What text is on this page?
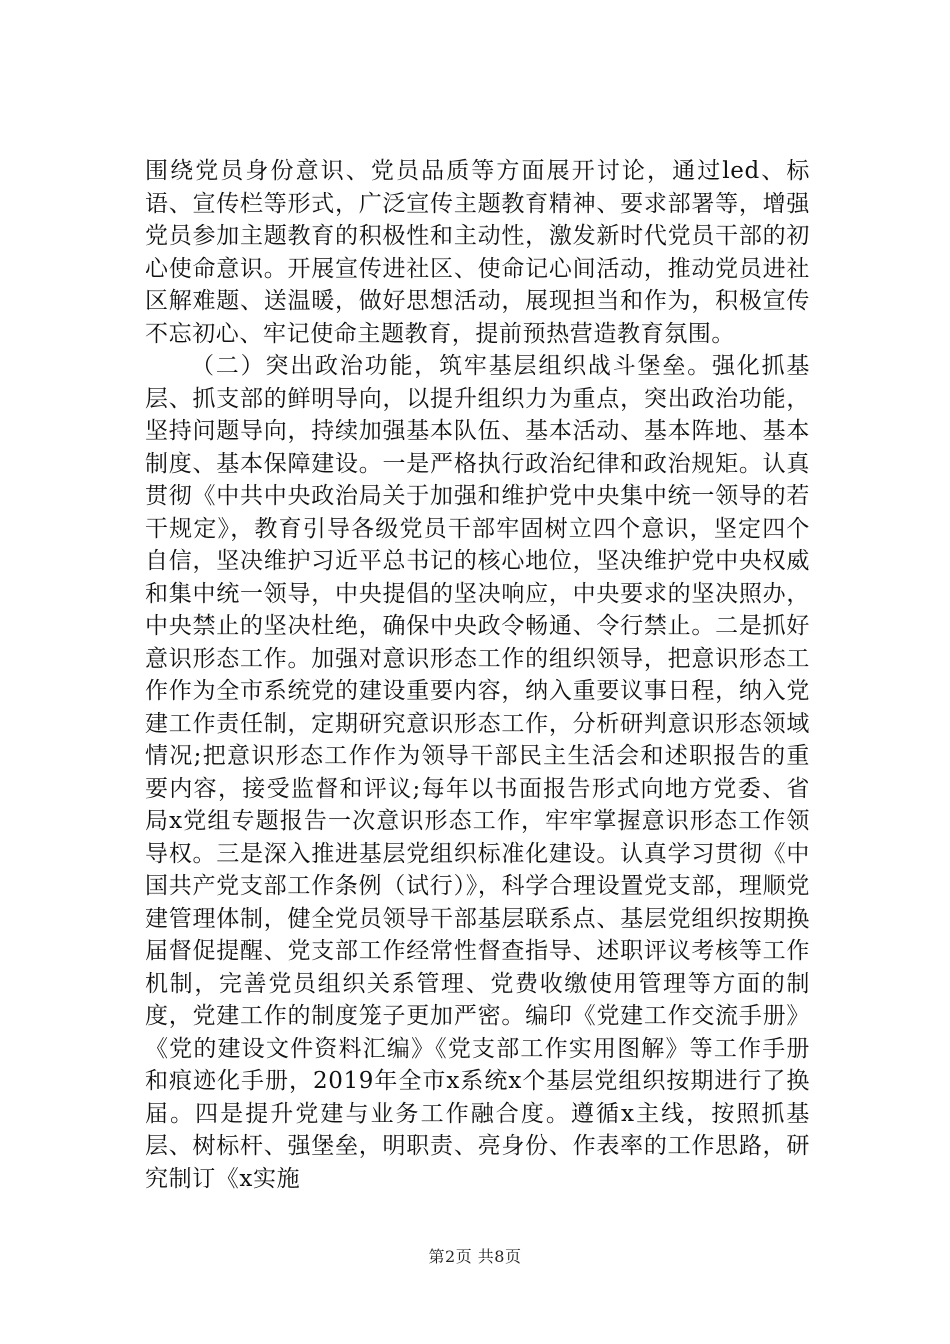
围绕党员身份意识、党员品质等方面展开讨论，通过led、标语、宣传栏等形式，广泛宣传主题教育精神、要求部署等，增强党员参加主题教育的积极性和主动性，激发新时代党员干部的初心使命意识。开展宣传进社区、使命记心间活动，推动党员进社区解难题、送温暖，做好思想活动，展现担当和作为，积极宣传不忘初心、牢记使命主题教育，提前预热营造教育氛围。

（二）突出政治功能，筑牢基层组织战斗堡垒。强化抓基层、抓支部的鲜明导向，以提升组织力为重点，突出政治功能，坚持问题导向，持续加强基本队伍、基本活动、基本阵地、基本制度、基本保障建设。一是严格执行政治纪律和政治规矩。认真贯彻《中共中央政治局关于加强和维护党中央集中统一领导的若干规定》，教育引导各级党员干部牢固树立四个意识，坚定四个自信，坚决维护习近平总书记的核心地位，坚决维护党中央权威和集中统一领导，中央提倡的坚决响应，中央要求的坚决照办，中央禁止的坚决杜绝，确保中央政令畅通、令行禁止。二是抓好意识形态工作。加强对意识形态工作的组织领导，把意识形态工作作为全市系统党的建设重要内容，纳入重要议事日程，纳入党建工作责任制，定期研究意识形态工作，分析研判意识形态领域情况;把意识形态工作作为领导干部民主生活会和述职报告的重要内容，接受监督和评议;每年以书面报告形式向地方党委、省局x党组专题报告一次意识形态工作，牢牢掌握意识形态工作领导权。三是深入推进基层党组织标准化建设。认真学习贯彻《中国共产党支部工作条例（试行）》，科学合理设置党支部，理顺党建管理体制，健全党员领导干部基层联系点、基层党组织按期换届督促提醒、党支部工作经常性督查指导、述职评议考核等工作机制，完善党员组织关系管理、党费收缴使用管理等方面的制度，党建工作的制度笼子更加严密。编印《党建工作交流手册》《党的建设文件资料汇编》《党支部工作实用图解》等工作手册和痕迹化手册，2019年全市x系统x个基层党组织按期进行了换届。四是提升党建与业务工作融合度。遵循x主线，按照抓基层、树标杆、强堡垒，明职责、亮身份、作表率的工作思路，研究制订《x实施

第2页 共8页
